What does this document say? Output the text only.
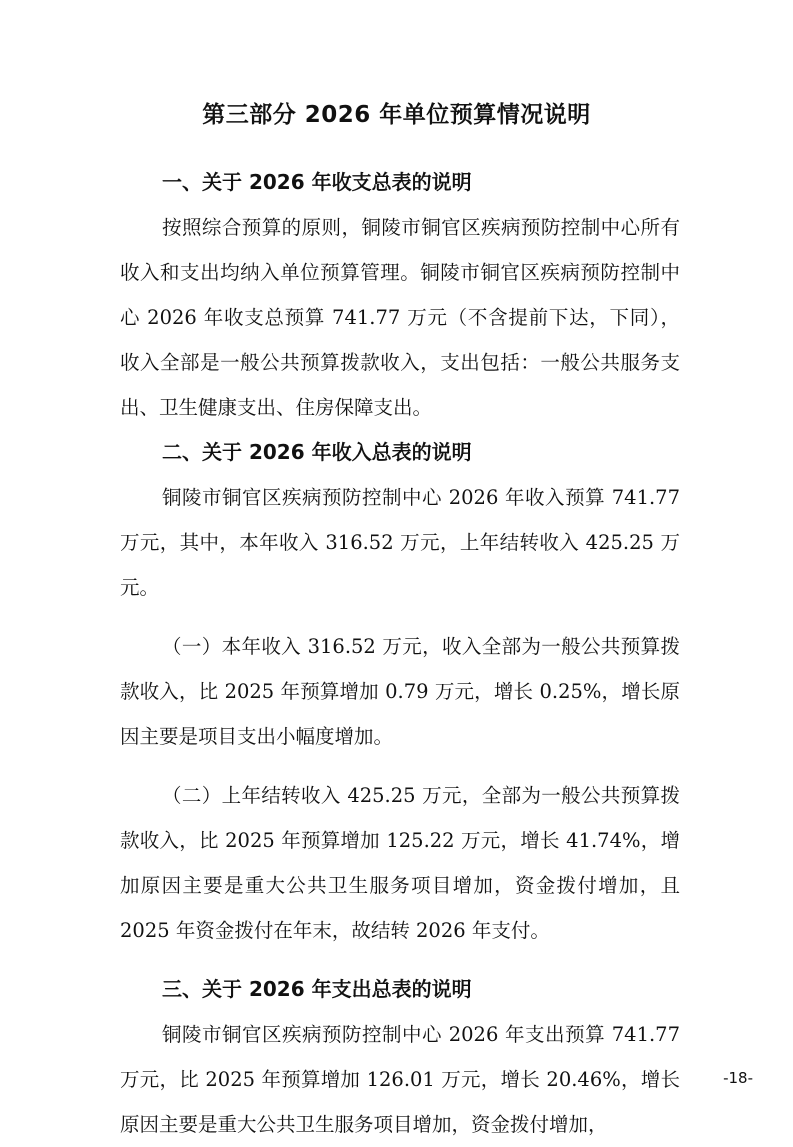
第三部分 2026 年单位预算情况说明
一、关于 2026 年收支总表的说明

按照综合预算的原则，铜陵市铜官区疾病预防控制中心所有收入和支出均纳入单位预算管理。铜陵市铜官区疾病预防控制中心 2026 年收支总预算 741.77 万元（不含提前下达，下同），收入全部是一般公共预算拨款收入，支出包括：一般公共服务支出、卫生健康支出、住房保障支出。

二、关于 2026 年收入总表的说明

铜陵市铜官区疾病预防控制中心 2026 年收入预算 741.77 万元，其中，本年收入 316.52 万元，上年结转收入 425.25 万元。

（一）本年收入 316.52 万元，收入全部为一般公共预算拨款收入，比 2025 年预算增加 0.79 万元，增长 0.25%，增长原因主要是项目支出小幅度增加。

（二）上年结转收入 425.25 万元，全部为一般公共预算拨款收入，比 2025 年预算增加 125.22 万元，增长 41.74%，增加原因主要是重大公共卫生服务项目增加，资金拨付增加，且 2025 年资金拨付在年末，故结转 2026 年支付。

三、关于 2026 年支出总表的说明

铜陵市铜官区疾病预防控制中心 2026 年支出预算 741.77 万元，比 2025 年预算增加 126.01 万元，增长 20.46%，增长原因主要是重大公共卫生服务项目增加，资金拨付增加，

-18-
